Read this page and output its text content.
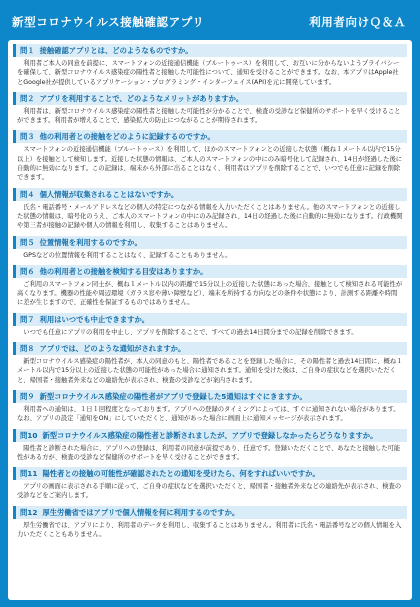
新型コロナウイルス接触確認アプリ	利用者向けＱ＆Ａ
問１ 接触確認アプリとは、どのようなものですか。
利用者ご本人の同意を前提に、スマートフォンの近接通信機能（ブルートゥース）を利用して、お互いに分からないようプライバシーを確保して、新型コロナウイルス感染症の陽性者と接触した可能性について、通知を受けることができます。なお、本アプリはApple社とGoogle社が提供しているアプリケーション・プログラミング・インターフェイス(API)を元に開発しています。
問２ アプリを利用することで、どのようなメリットがありますか。
利用者は、新型コロナウイルス感染症の陽性者と接触した可能性が分かることで、検査の受診など保健所のサポートを早く受けることができます。利用者が増えることで、感染拡大の防止につながることが期待されます。
問３ 他の利用者との接触をどのように記録するのですか。
スマートフォンの近接通信機能（ブルートゥース）を利用して、ほかのスマートフォンとの近接した状態（概ね１メートル以内で15分以上）を接触として検知します。近接した状態の情報は、ご本人のスマートフォンの中にのみ暗号化して記録され、14日が経過した後に自動的に無効になります。この記録は、端末から外部に出ることはなく、利用者はアプリを削除することで、いつでも任意に記録を削除できます。
問４ 個人情報が収集されることはないですか。
氏名・電話番号・メールアドレスなどの個人の特定につながる情報を入力いただくことはありません。他のスマートフォンとの近接した状態の情報は、暗号化のうえ、ご本人のスマートフォンの中にのみ記録され、14日の経過した後に自動的に無効になります。行政機関や第三者が接触の記録や個人の情報を利用し、収集することはありません。
問５ 位置情報を利用するのですか。
GPSなどの位置情報を利用することはなく、記録することもありません。
問６ 他の利用者との接触を検知する目安はありますか。
ご利用のスマートフォン同士が、概ね１メートル以内の距離で15分以上の近接した状態にあった場合、接触として検知される可能性が高くなります。機器の性能や周辺環境（ガラス窓や薄い障壁など）、端末を所持する方向などの条件や状態により、計測する距離や時間に差が生じますので、正確性を保証するものではありません。
問７ 利用はいつでも中止できますか。
いつでも任意にアプリの利用を中止し、アプリを削除することで、すべての過去14日間分までの記録を削除できます。
問８ アプリでは、どのような通知がされますか。
新型コロナウイルス感染症の陽性者が、本人の同意のもと、陽性者であることを登録した場合に、その陽性者と過去14日間に、概ね１メートル以内で15分以上の近接した状態の可能性があった場合に通知されます。通知を受けた後は、ご自身の症状などを選択いただくと、帰国者・接触者外来などの連絡先が表示され、検査の受診などが案内されます。
問９ 新型コロナウイルス感染症の陽性者がアプリで登録した5通知はすぐにきますか。
利用者への通知は、１日１回程度となっております。アプリへの登録のタイミングによっては、すぐに通知されない場合があります。なお、アプリの設定「通知をON」にしていただくと、通知があった場合に画面上に通知メッセージが表示されます。
問10 新型コロナウイルス感染症の陽性者と診断されましたが、アプリで登録しなかったらどうなりますか。
陽性者と診断された場合に、アプリへの登録は、利用者の同意が前提であり、任意です。登録いただくことで、あなたと接触した可能性がある方が、検査の受診など保健所のサポートを早く受けることができます。
問11 陽性者との接触の可能性が確認されたとの通知を受けたら、何をすればいいですか。
アプリの画面に表示される手順に従って、ご自身の症状などを選択いただくと、帰国者・接触者外来などの連絡先が表示され、検査の受診などをご案内します。
問12 厚生労働省ではアプリで個人情報を何に利用するのですか。
厚生労働省では、アプリにより、利用者のデータを利用し、収集することはありません。利用者に氏名・電話番号などの個人情報を入力いただくこともありません。
